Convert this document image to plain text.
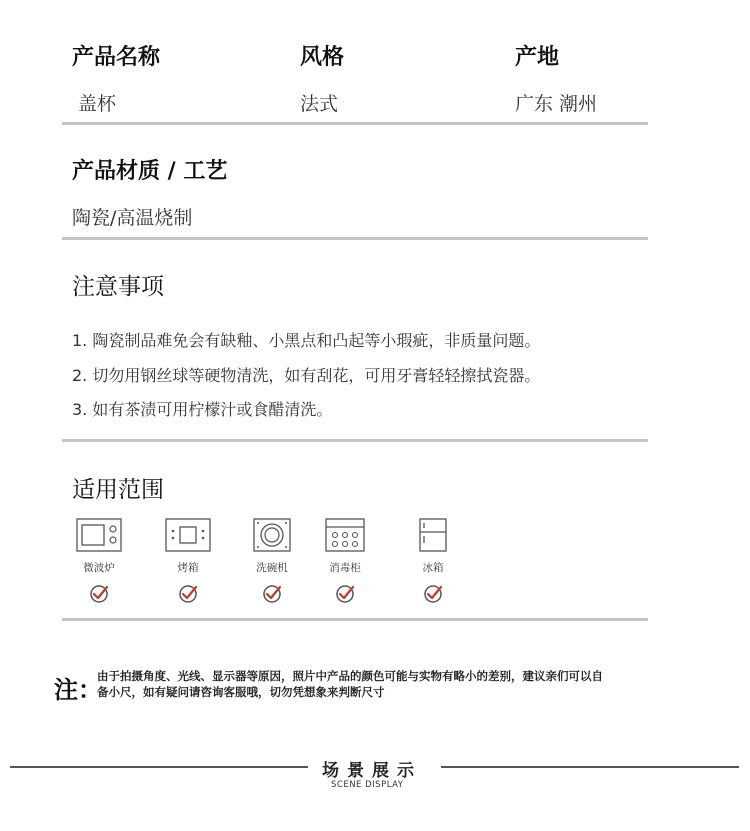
产品名称	风格	产地
盖杯	法式	广东 潮州
产品材质 / 工艺
陶瓷/高温烧制
注意事项
1. 陶瓷制品难免会有缺釉、小黑点和凸起等小瑕疵，非质量问题。
2. 切勿用钢丝球等硬物清洗，如有刮花，可用牙膏轻轻擦拭瓷器。
3. 如有茶渍可用柠檬汁或食醋清洗。
适用范围
微波炉	烤箱	洗碗机	消毒柜	冰箱
注：
由于拍摄角度、光线、显示器等原因，照片中产品的颜色可能与实物有略小的差别，建议亲们可以自
备小尺，如有疑问请咨询客服哦，切勿凭想象来判断尺寸
场景展示
SCENE DISPLAY
